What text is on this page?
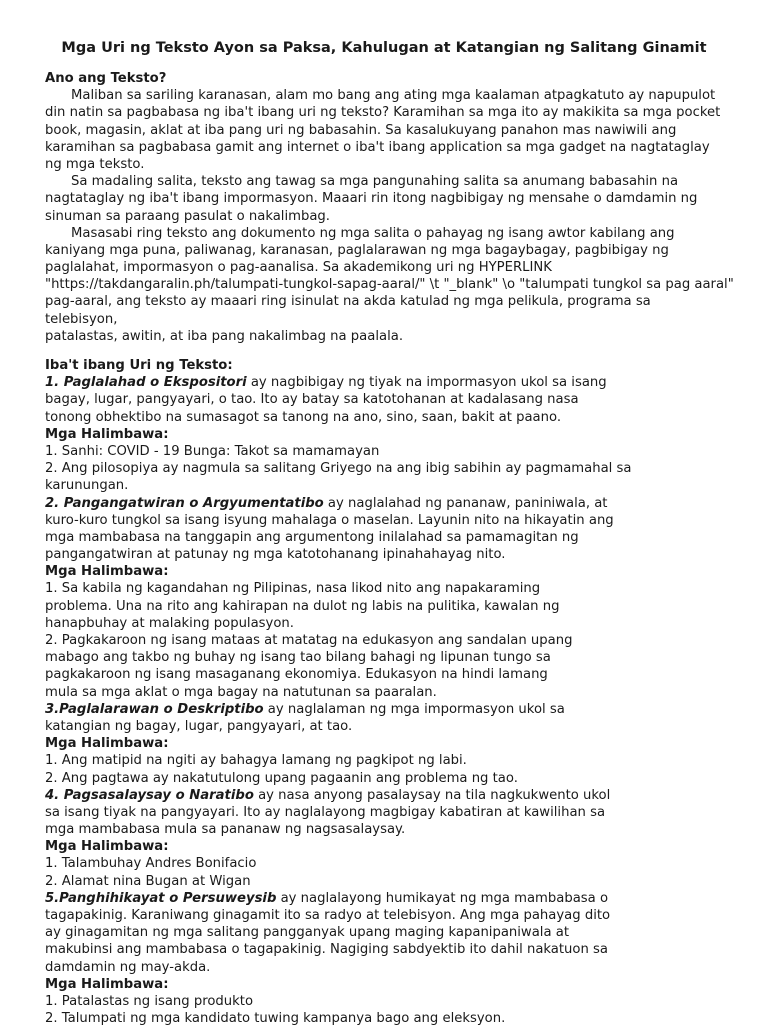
Mga Uri ng Teksto Ayon sa Paksa, Kahulugan at Katangian ng Salitang Ginamit
Ano ang Teksto?
Maliban sa sariling karanasan, alam mo bang ang ating mga kaalaman atpagkatuto ay napupulot
din natin sa pagbabasa ng iba't ibang uri ng teksto? Karamihan sa mga ito ay makikita sa mga pocket
book, magasin, aklat at iba pang uri ng babasahin. Sa kasalukuyang panahon mas nawiwili ang
karamihan sa pagbabasa gamit ang internet o iba't ibang application sa mga gadget na nagtataglay
ng mga teksto.
Sa madaling salita, teksto ang tawag sa mga pangunahing salita sa anumang babasahin na
nagtataglay ng iba't ibang impormasyon. Maaari rin itong nagbibigay ng mensahe o damdamin ng
sinuman sa paraang pasulat o nakalimbag.
Masasabi ring teksto ang dokumento ng mga salita o pahayag ng isang awtor kabilang ang
kaniyang mga puna, paliwanag, karanasan, paglalarawan ng mga bagaybagay, pagbibigay ng
paglalahat, impormasyon o pag-aanalisa. Sa akademikong uri ng HYPERLINK
"https://takdangaralin.ph/talumpati-tungkol-sapag-aaral/" \t "_blank" \o "talumpati tungkol sa pag aaral"
pag-aaral, ang teksto ay maaari ring isinulat na akda katulad ng mga pelikula, programa sa
telebisyon,
patalastas, awitin, at iba pang nakalimbag na paalala.
Iba't ibang Uri ng Teksto:
1. Paglalahad o Ekspositori ay nagbibigay ng tiyak na impormasyon ukol sa isang
bagay, lugar, pangyayari, o tao. Ito ay batay sa katotohanan at kadalasang nasa
tonong obhektibo na sumasagot sa tanong na ano, sino, saan, bakit at paano.
Mga Halimbawa:
1. Sanhi: COVID - 19 Bunga: Takot sa mamamayan
2. Ang pilosopiya ay nagmula sa salitang Griyego na ang ibig sabihin ay pagmamahal sa
karunungan.
2. Pangangatwiran o Argyumentatibo ay naglalahad ng pananaw, paniniwala, at
kuro-kuro tungkol sa isang isyung mahalaga o maselan. Layunin nito na hikayatin ang
mga mambabasa na tanggapin ang argumentong inilalahad sa pamamagitan ng
pangangatwiran at patunay ng mga katotohanang ipinahahayag nito.
Mga Halimbawa:
1. Sa kabila ng kagandahan ng Pilipinas, nasa likod nito ang napakaraming
problema. Una na rito ang kahirapan na dulot ng labis na pulitika, kawalan ng
hanapbuhay at malaking populasyon.
2. Pagkakaroon ng isang mataas at matatag na edukasyon ang sandalan upang
mabago ang takbo ng buhay ng isang tao bilang bahagi ng lipunan tungo sa
pagkakaroon ng isang masaganang ekonomiya. Edukasyon na hindi lamang
mula sa mga aklat o mga bagay na natutunan sa paaralan.
3.Paglalarawan o Deskriptibo ay naglalaman ng mga impormasyon ukol sa
katangian ng bagay, lugar, pangyayari, at tao.
Mga Halimbawa:
1. Ang matipid na ngiti ay bahagya lamang ng pagkipot ng labi.
2. Ang pagtawa ay nakatutulong upang pagaanin ang problema ng tao.
4. Pagsasalaysay o Naratibo ay nasa anyong pasalaysay na tila nagkukwento ukol
sa isang tiyak na pangyayari. Ito ay naglalayong magbigay kabatiran at kawilihan sa
mga mambabasa mula sa pananaw ng nagsasalaysay.
Mga Halimbawa:
1. Talambuhay Andres Bonifacio
2. Alamat nina Bugan at Wigan
5.Panghihikayat o Persuweysib ay naglalayong humikayat ng mga mambabasa o
tagapakinig. Karaniwang ginagamit ito sa radyo at telebisyon. Ang mga pahayag dito
ay ginagamitan ng mga salitang pangganyak upang maging kapanipaniwala at
makubinsi ang mambabasa o tagapakinig. Nagiging sabdyektib ito dahil nakatuon sa
damdamin ng may-akda.
Mga Halimbawa:
1. Patalastas ng isang produkto
2. Talumpati ng mga kandidato tuwing kampanya bago ang eleksyon.
